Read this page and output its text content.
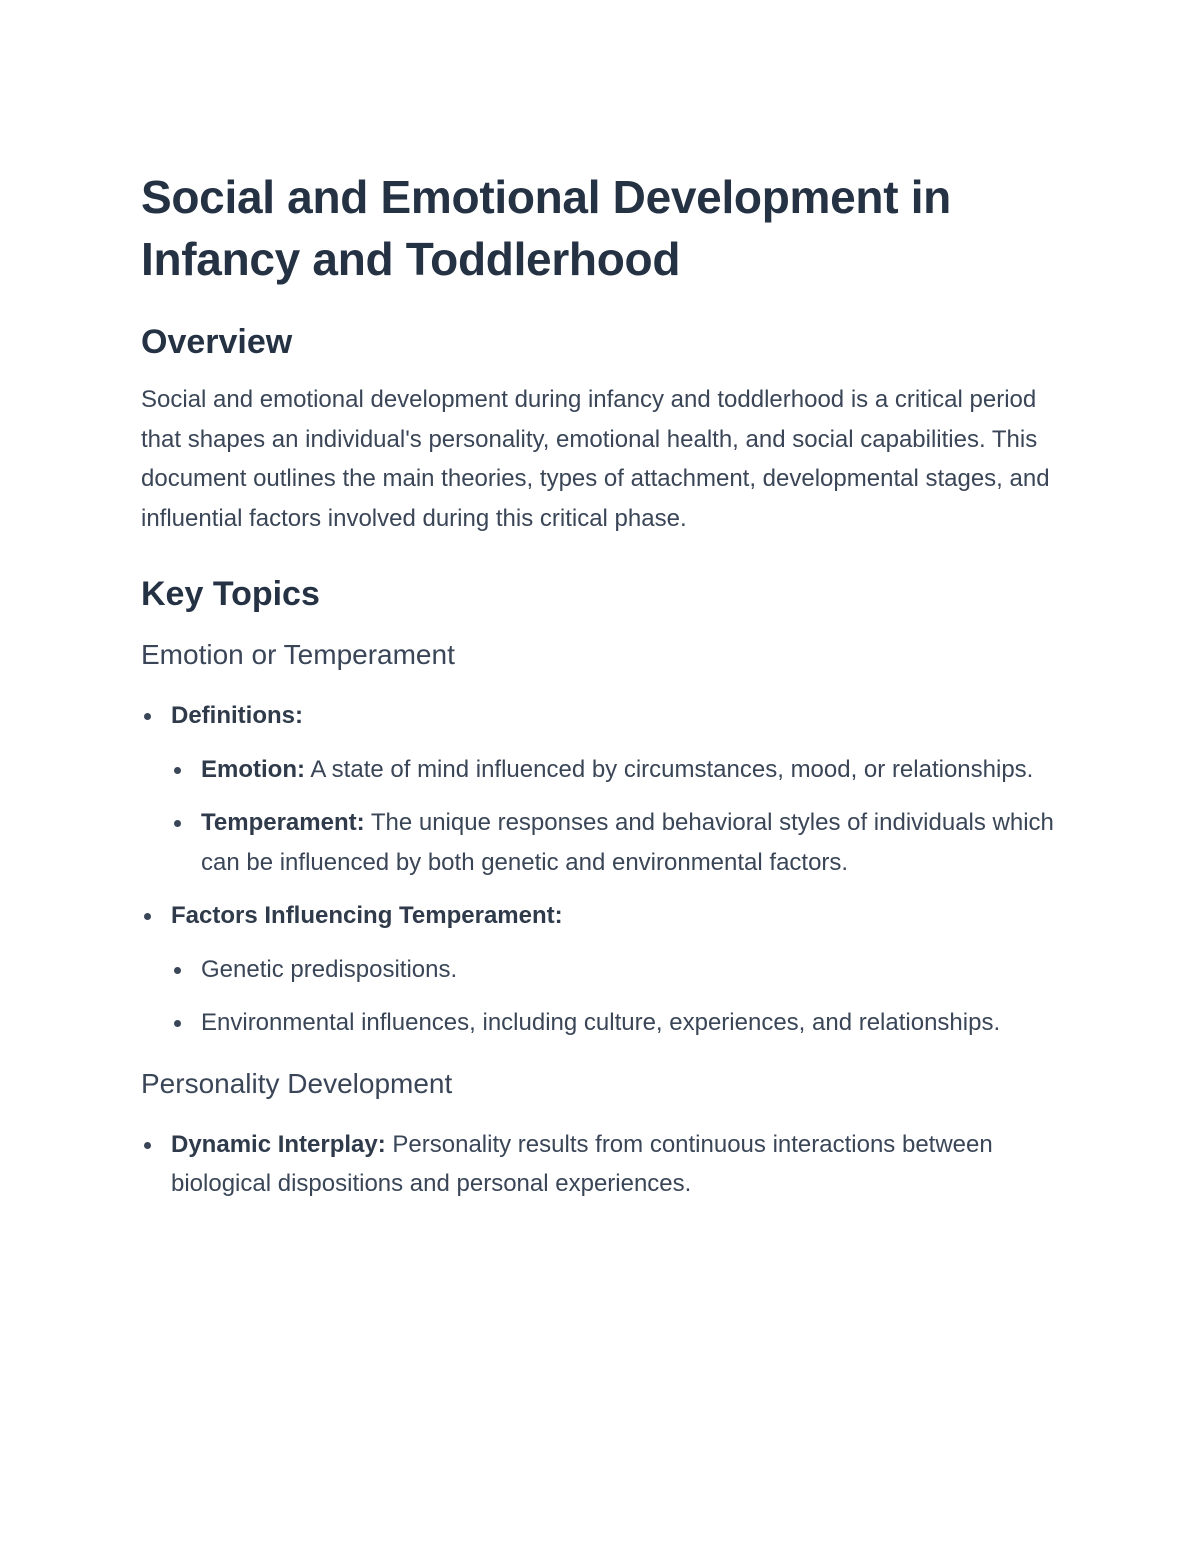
Social and Emotional Development in Infancy and Toddlerhood
Overview

Social and emotional development during infancy and toddlerhood is a critical period that shapes an individual's personality, emotional health, and social capabilities. This document outlines the main theories, types of attachment, developmental stages, and influential factors involved during this critical phase.

Key Topics
Emotion or Temperament
Definitions:
Emotion: A state of mind influenced by circumstances, mood, or relationships.
Temperament: The unique responses and behavioral styles of individuals which can be influenced by both genetic and environmental factors.
Factors Influencing Temperament:
Genetic predispositions.
Environmental influences, including culture, experiences, and relationships.
Personality Development
Dynamic Interplay: Personality results from continuous interactions between biological dispositions and personal experiences.
